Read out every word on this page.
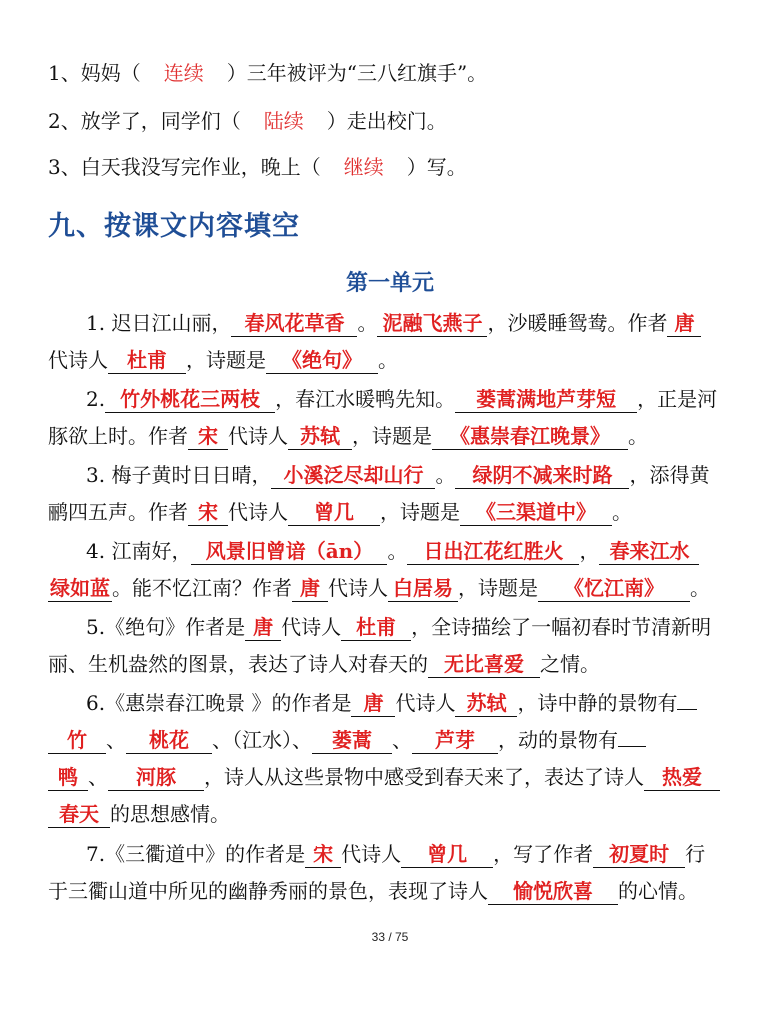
1、妈妈（ 连续 ）三年被评为“三八红旗手”。
2、放学了，同学们（ 陆续 ）走出校门。
3、白天我没写完作业，晚上（ 继续 ）写。
九、按课文内容填空
第一单元
1. 迟日江山丽， 春风花草香 。 泥融飞燕子 ，沙暖睡鸳鸯。作者 唐
代诗人 杜甫 ，诗题是 《绝句》 。
2. 竹外桃花三两枝 ，春江水暖鸭先知。 蒌蒿满地芦芽短 ，正是河
豚欲上时。作者 宋 代诗人 苏轼 ，诗题是 《惠崇春江晚景》 。
3. 梅子黄时日日晴， 小溪泛尽却山行 。 绿阴不减来时路 ，添得黄
鹂四五声。作者 宋 代诗人 曾几 ，诗题是 《三渠道中》 。
4. 江南好， 风景旧曾谙（ān） 。 日出江花红胜火 ， 春来江水
绿如蓝 。能不忆江南？作者 唐 代诗人 白居易 ，诗题是 《忆江南》 。
5.《绝句》作者是 唐 代诗人 杜甫 ，全诗描绘了一幅初春时节清新明
丽、生机盎然的图景，表达了诗人对春天的 无比喜爱 之情。
6.《惠崇春江晚景 》的作者是 唐 代诗人 苏轼 ，诗中静的景物有
竹 、 桃花 、（江水）、 蒌蒿 、 芦芽 ，动的景物有
鸭 、 河豚 ，诗人从这些景物中感受到春天来了，表达了诗人 热爱
春天 的思想感情。
7.《三衢道中》的作者是 宋 代诗人 曾几 ，写了作者 初夏时 行
于三衢山道中所见的幽静秀丽的景色，表现了诗人 愉悦欣喜 的心情。
33 / 75
